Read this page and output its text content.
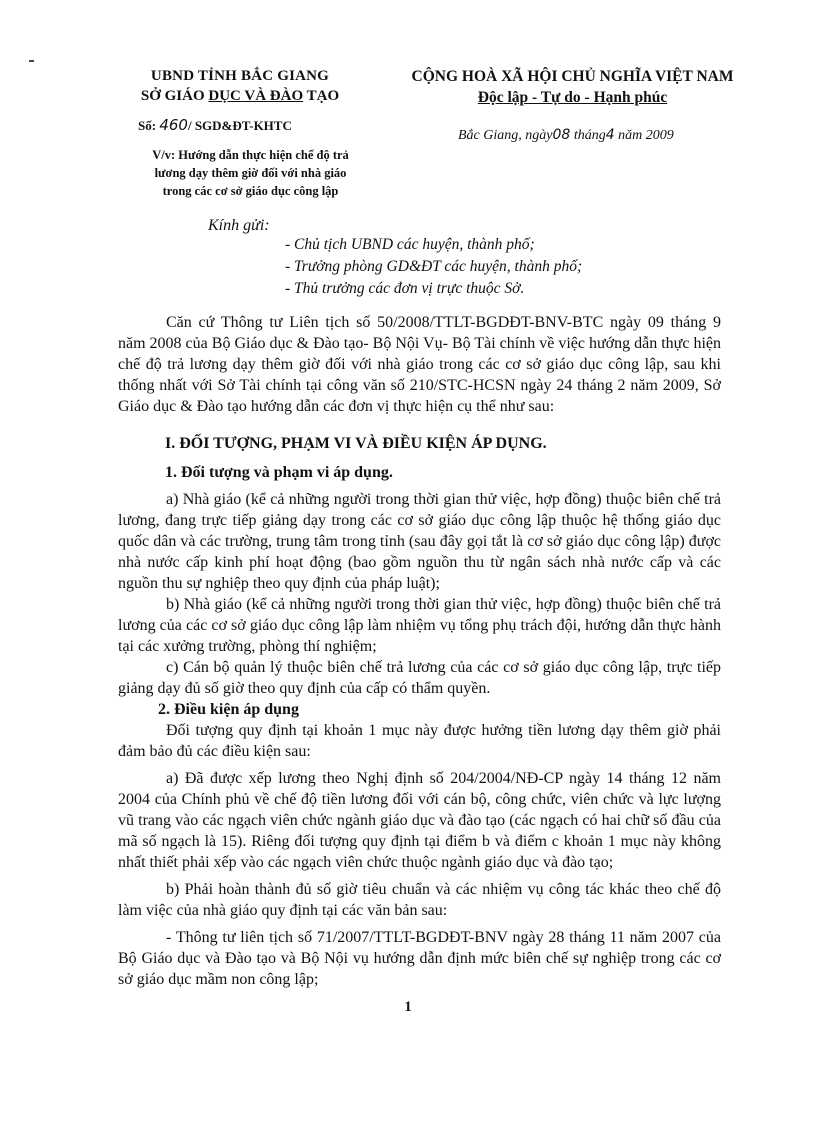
UBND TỈNH BẮC GIANG
SỞ GIÁO DỤC VÀ ĐÀO TẠO
Số: 460/ SGD&ĐT-KHTC
V/v: Hướng dẫn thực hiện chế độ trả
lương dạy thêm giờ đối với nhà giáo
trong các cơ sở giáo dục công lập
CỘNG HOÀ XÃ HỘI CHỦ NGHĨA VIỆT NAM
Độc lập - Tự do - Hạnh phúc
Bắc Giang, ngày08 tháng4 năm 2009
Kính gửi:
- Chủ tịch UBND các huyện, thành phố;
- Trưởng phòng GD&ĐT các huyện, thành phố;
- Thủ trưởng các đơn vị trực thuộc Sở.

Căn cứ Thông tư Liên tịch số 50/2008/TTLT-BGDĐT-BNV-BTC ngày 09 tháng 9 năm 2008 của Bộ Giáo dục & Đào tạo- Bộ Nội Vụ- Bộ Tài chính về việc hướng dẫn thực hiện chế độ trả lương dạy thêm giờ đối với nhà giáo trong các cơ sở giáo dục công lập, sau khi thống nhất với Sở Tài chính tại công văn số 210/STC-HCSN ngày 24 tháng 2 năm 2009, Sở Giáo dục & Đào tạo hướng dẫn các đơn vị thực hiện cụ thể như sau:

I. ĐỐI TƯỢNG, PHẠM VI VÀ ĐIỀU KIỆN ÁP DỤNG.

1. Đối tượng và phạm vi áp dụng.

a) Nhà giáo (kể cả những người trong thời gian thử việc, hợp đồng) thuộc biên chế trả lương, đang trực tiếp giảng dạy trong các cơ sở giáo dục công lập thuộc hệ thống giáo dục quốc dân và các trường, trung tâm trong tỉnh (sau đây gọi tắt là cơ sở giáo dục công lập) được nhà nước cấp kinh phí hoạt động (bao gồm nguồn thu từ ngân sách nhà nước cấp và các nguồn thu sự nghiệp theo quy định của pháp luật);

b) Nhà giáo (kể cả những người trong thời gian thử việc, hợp đồng) thuộc biên chế trả lương của các cơ sở giáo dục công lập làm nhiệm vụ tổng phụ trách đội, hướng dẫn thực hành tại các xưởng trường, phòng thí nghiệm;

c) Cán bộ quản lý thuộc biên chế trả lương của các cơ sở giáo dục công lập, trực tiếp giảng dạy đủ số giờ theo quy định của cấp có thẩm quyền.

2. Điều kiện áp dụng

Đối tượng quy định tại khoản 1 mục này được hưởng tiền lương dạy thêm giờ phải đảm bảo đủ các điều kiện sau:

a) Đã được xếp lương theo Nghị định số 204/2004/NĐ-CP ngày 14 tháng 12 năm 2004 của Chính phủ về chế độ tiền lương đối với cán bộ, công chức, viên chức và lực lượng vũ trang vào các ngạch viên chức ngành giáo dục và đào tạo (các ngạch có hai chữ số đầu của mã số ngạch là 15). Riêng đối tượng quy định tại điểm b và điểm c khoản 1 mục này không nhất thiết phải xếp vào các ngạch viên chức thuộc ngành giáo dục và đào tạo;

b) Phải hoàn thành đủ số giờ tiêu chuẩn và các nhiệm vụ công tác khác theo chế độ làm việc của nhà giáo quy định tại các văn bản sau:

- Thông tư liên tịch số 71/2007/TTLT-BGDĐT-BNV ngày 28 tháng 11 năm 2007 của Bộ Giáo dục và Đào tạo và Bộ Nội vụ hướng dẫn định mức biên chế sự nghiệp trong các cơ sở giáo dục mầm non công lập;

1
